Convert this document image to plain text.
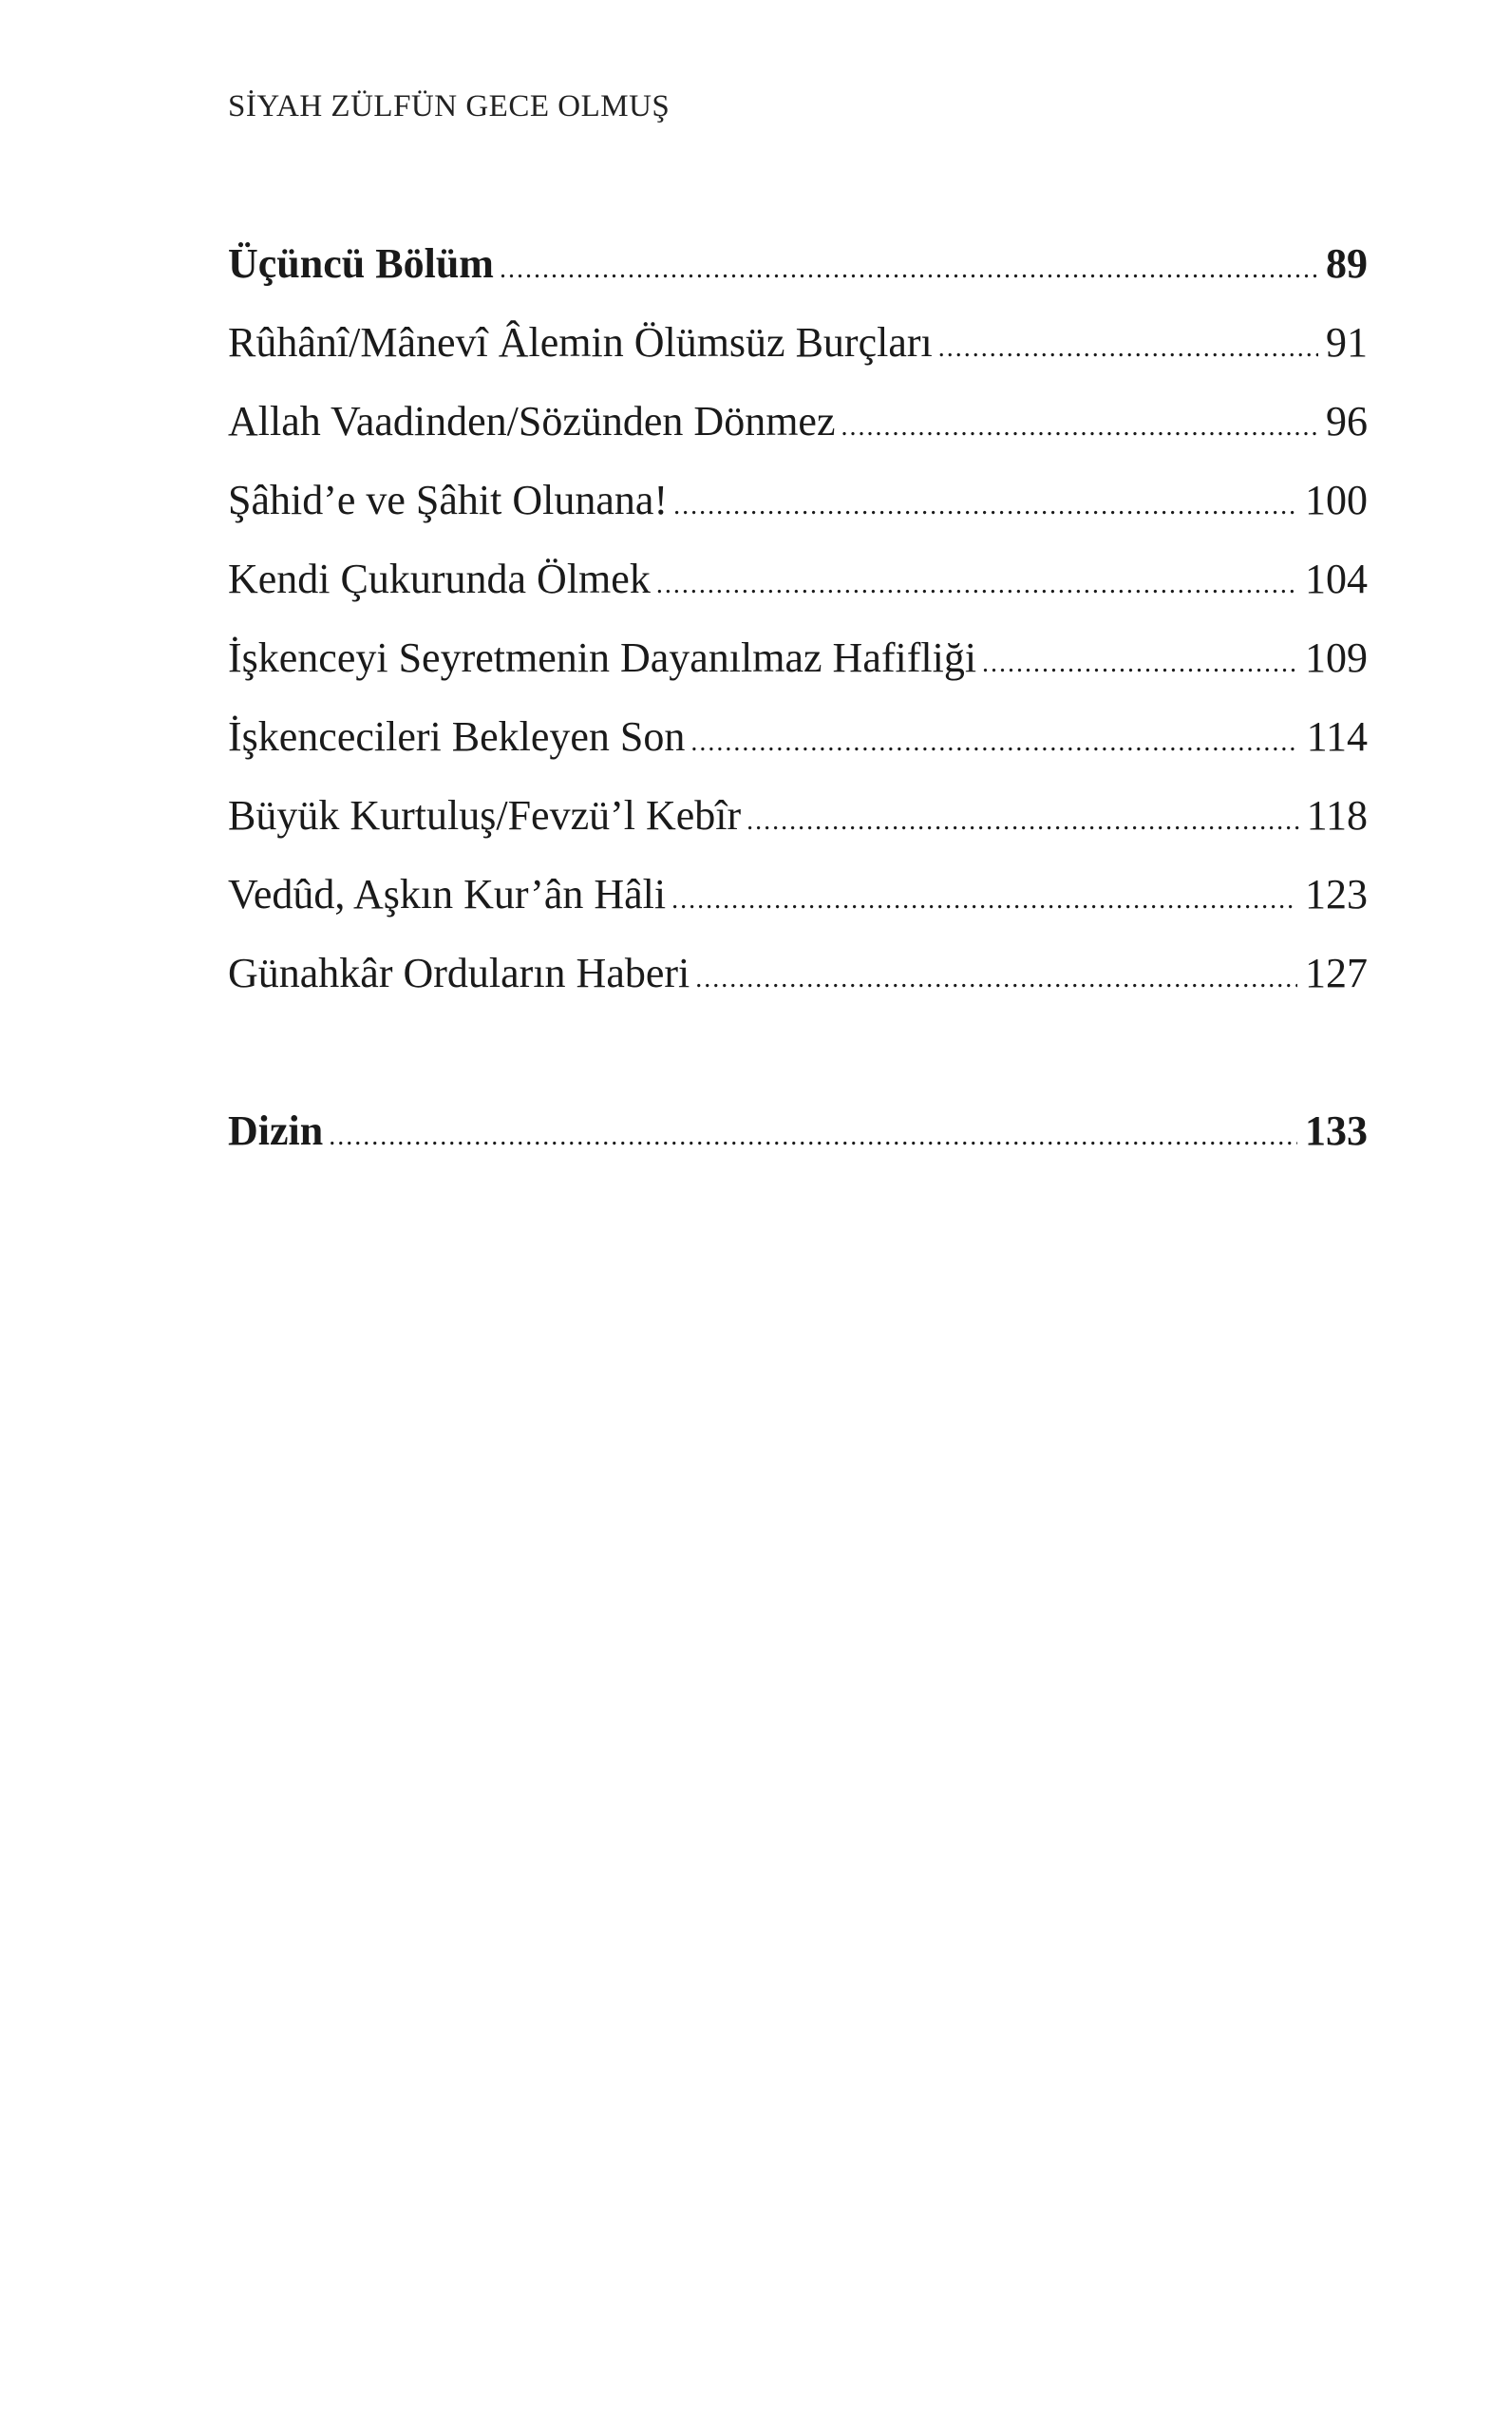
SİYAH ZÜLFÜN GECE OLMUŞ
Üçüncü Bölüm .....	89
Rûhânî/Mânevî Âlemin Ölümsüz Burçları .....	91
Allah Vaadinden/Sözünden Dönmez .....	96
Şâhid’e ve Şâhit Olunana! .....	100
Kendi Çukurunda Ölmek .....	104
İşkenceyi Seyretmenin Dayanılmaz Hafifliği .....	109
İşkencecileri Bekleyen Son .....	114
Büyük Kurtuluş/Fevzü’l Kebîr .....	118
Vedûd, Aşkın Kur’ân Hâli .....	123
Günahkâr Orduların Haberi .....	127
Dizin .....	133
